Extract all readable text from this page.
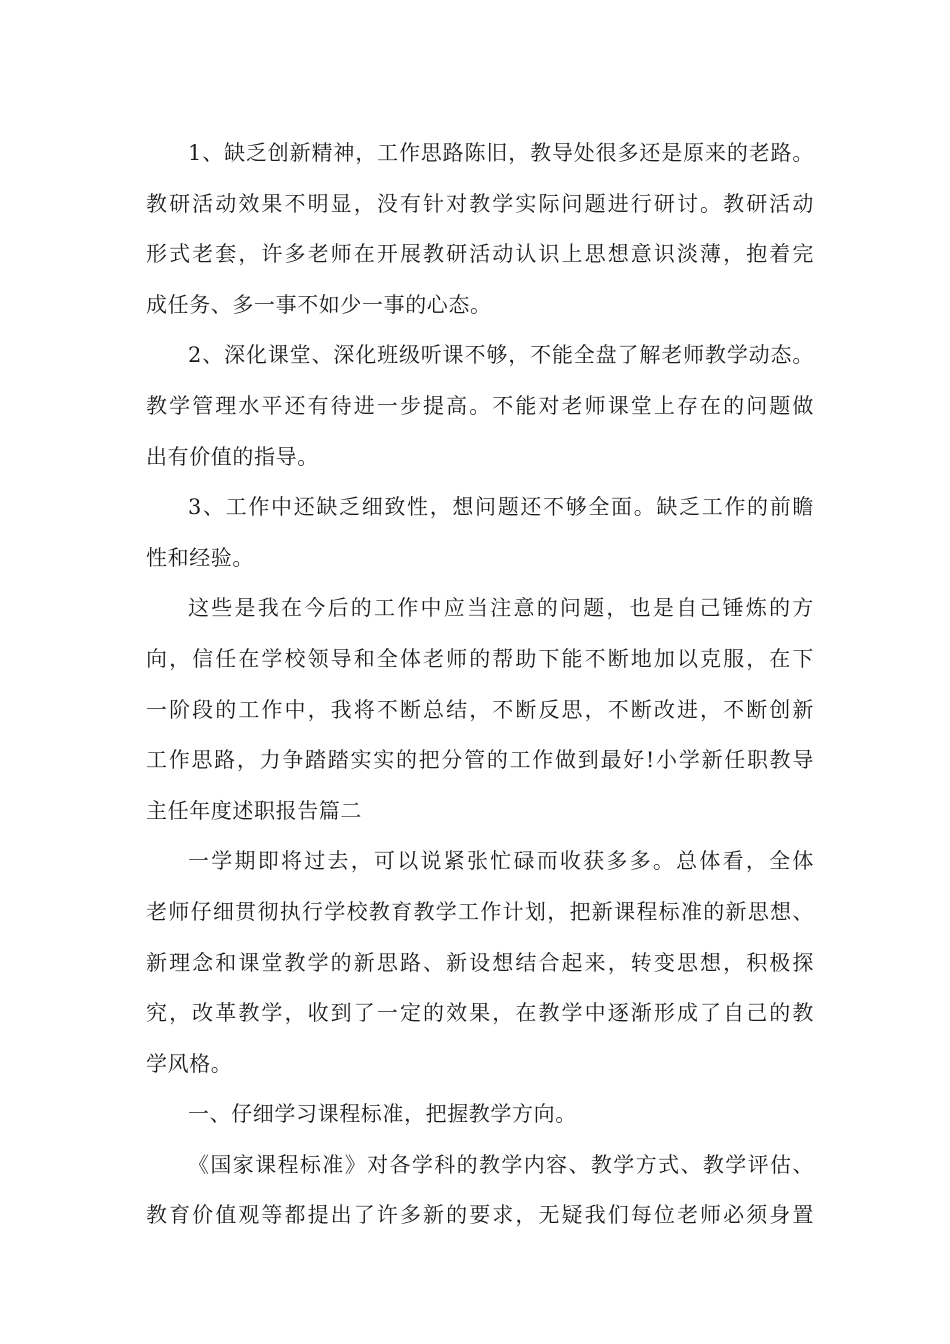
1、缺乏创新精神，工作思路陈旧，教导处很多还是原来的老路。
教研活动效果不明显，没有针对教学实际问题进行研讨。教研活动
形式老套，许多老师在开展教研活动认识上思想意识淡薄，抱着完
成任务、多一事不如少一事的心态。
2、深化课堂、深化班级听课不够，不能全盘了解老师教学动态。
教学管理水平还有待进一步提高。不能对老师课堂上存在的问题做
出有价值的指导。
3、工作中还缺乏细致性，想问题还不够全面。缺乏工作的前瞻
性和经验。
这些是我在今后的工作中应当注意的问题，也是自己锤炼的方
向，信任在学校领导和全体老师的帮助下能不断地加以克服，在下
一阶段的工作中，我将不断总结，不断反思，不断改进，不断创新
工作思路，力争踏踏实实的把分管的工作做到最好!小学新任职教导
主任年度述职报告篇二
一学期即将过去，可以说紧张忙碌而收获多多。总体看，全体
老师仔细贯彻执行学校教育教学工作计划，把新课程标准的新思想、
新理念和课堂教学的新思路、新设想结合起来，转变思想，积极探
究，改革教学，收到了一定的效果，在教学中逐渐形成了自己的教
学风格。
一、仔细学习课程标准，把握教学方向。
《国家课程标准》对各学科的教学内容、教学方式、教学评估、
教育价值观等都提出了许多新的要求，无疑我们每位老师必须身置
